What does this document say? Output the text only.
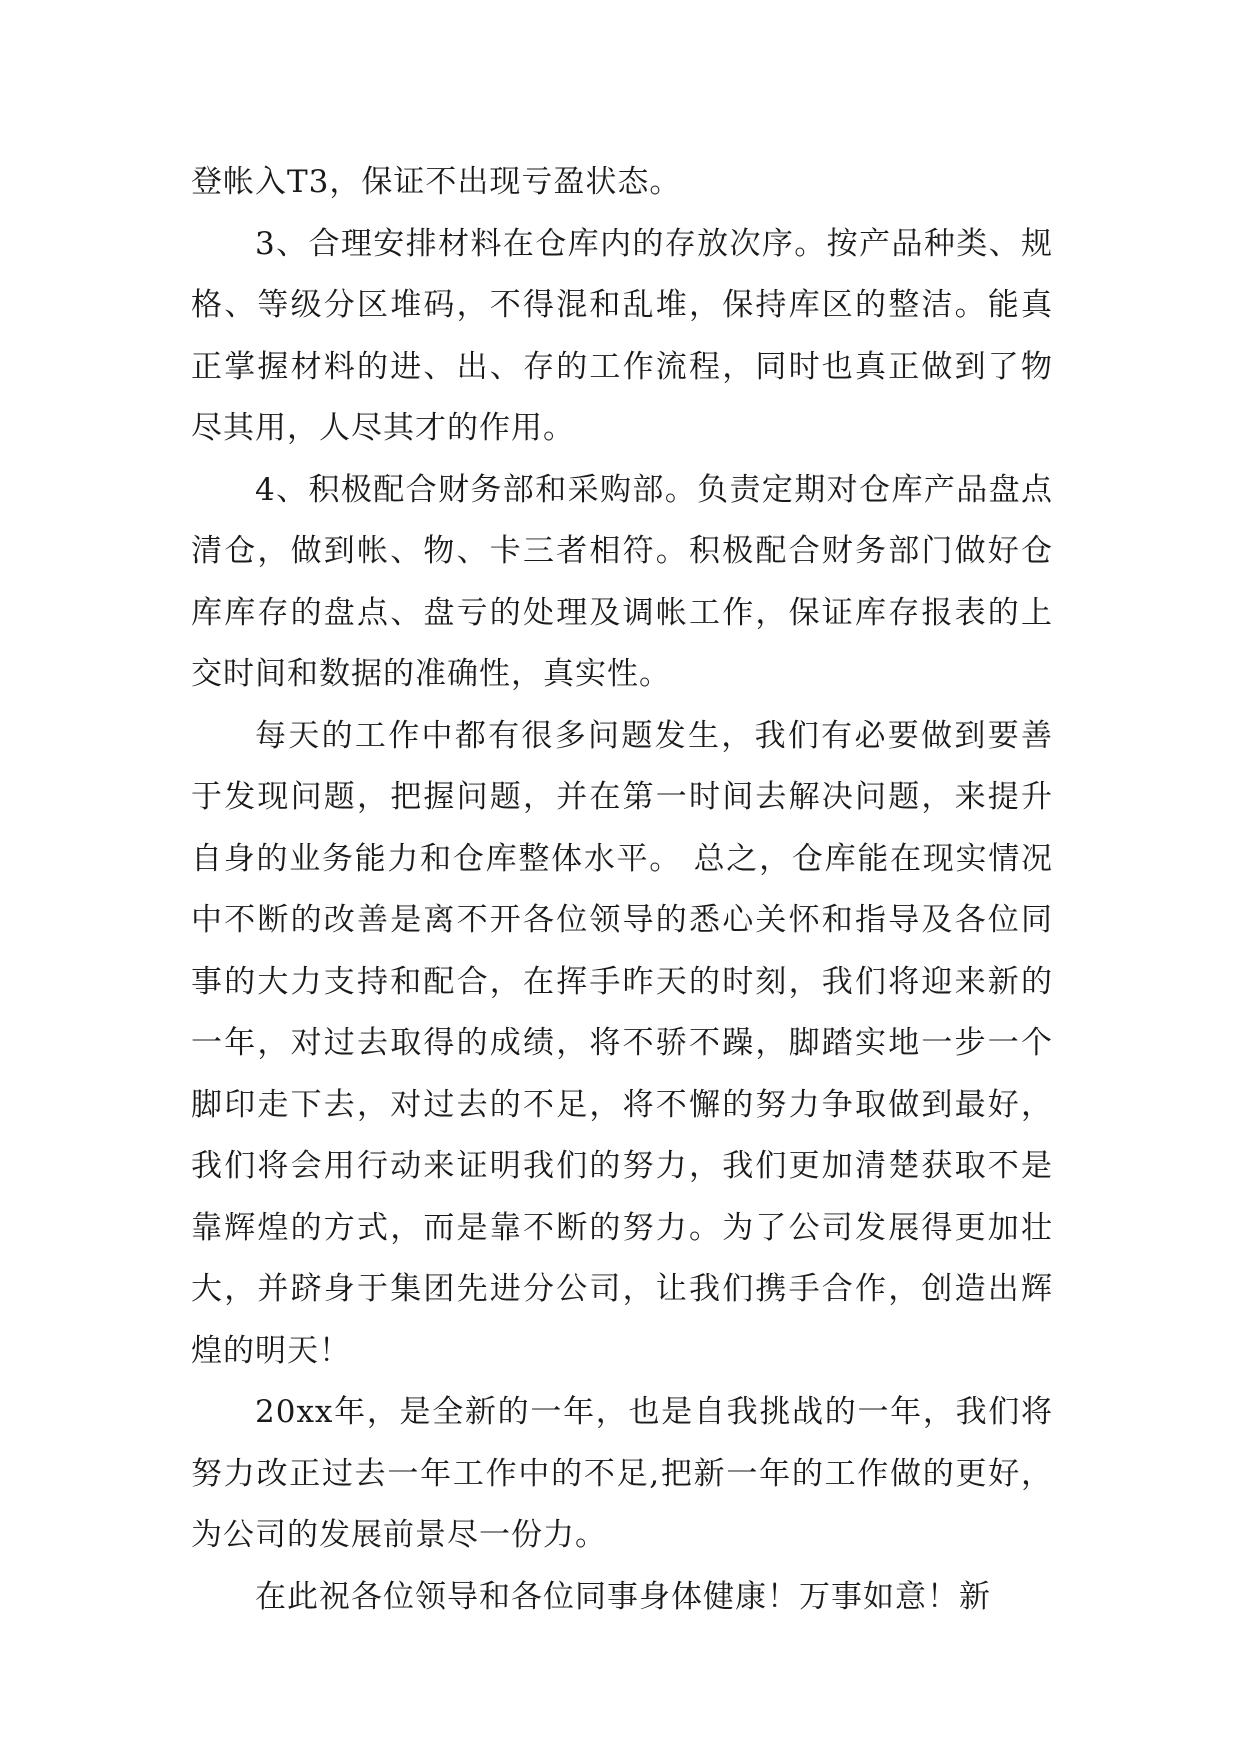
登帐入T3，保证不出现亏盈状态。

3、合理安排材料在仓库内的存放次序。按产品种类、规格、等级分区堆码，不得混和乱堆，保持库区的整洁。能真正掌握材料的进、出、存的工作流程，同时也真正做到了物尽其用，人尽其才的作用。

4、积极配合财务部和采购部。负责定期对仓库产品盘点清仓，做到帐、物、卡三者相符。积极配合财务部门做好仓库库存的盘点、盘亏的处理及调帐工作，保证库存报表的上交时间和数据的准确性，真实性。

每天的工作中都有很多问题发生，我们有必要做到要善于发现问题，把握问题，并在第一时间去解决问题，来提升自身的业务能力和仓库整体水平。 总之，仓库能在现实情况中不断的改善是离不开各位领导的悉心关怀和指导及各位同事的大力支持和配合，在挥手昨天的时刻，我们将迎来新的一年，对过去取得的成绩，将不骄不躁，脚踏实地一步一个脚印走下去，对过去的不足，将不懈的努力争取做到最好，我们将会用行动来证明我们的努力，我们更加清楚获取不是靠辉煌的方式，而是靠不断的努力。为了公司发展得更加壮大，并跻身于集团先进分公司，让我们携手合作，创造出辉煌的明天！

20xx年，是全新的一年，也是自我挑战的一年，我们将努力改正过去一年工作中的不足,把新一年的工作做的更好，为公司的发展前景尽一份力。

在此祝各位领导和各位同事身体健康！万事如意！新
